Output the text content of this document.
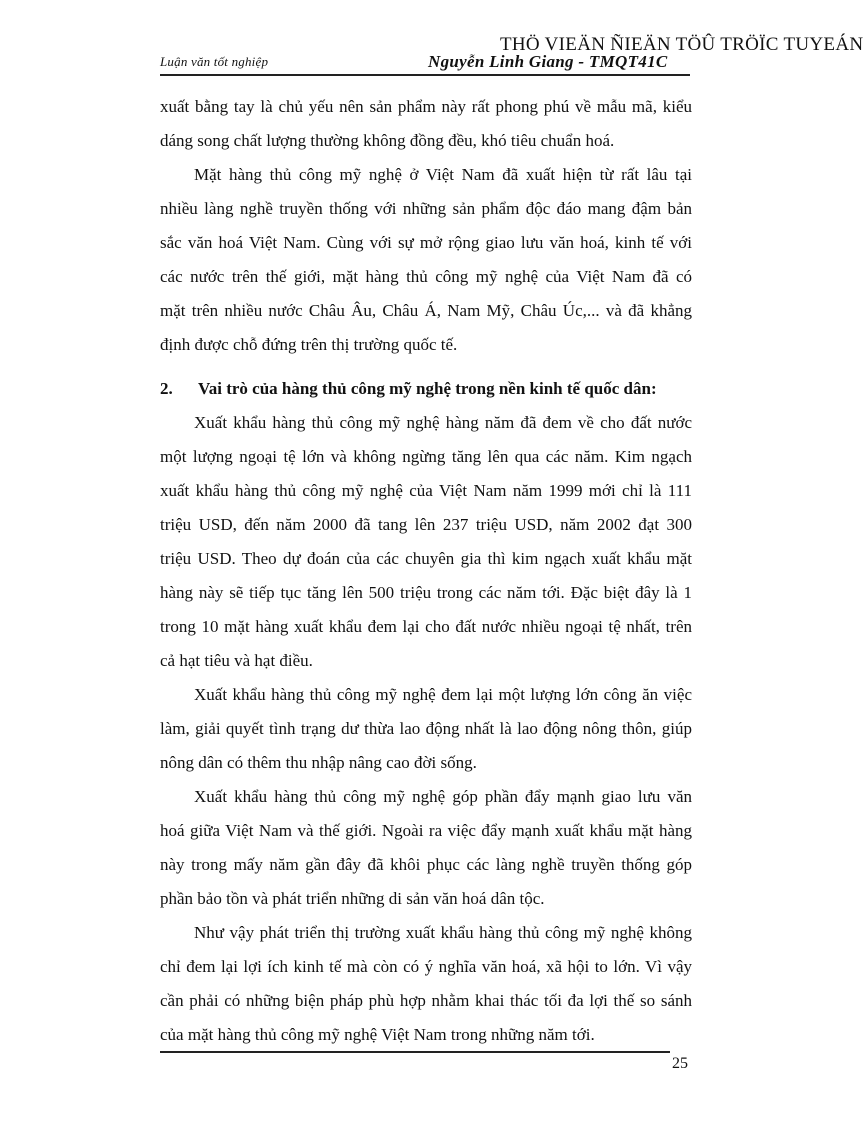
Luận văn tốt nghiệp	Nguyễn Linh Giang - TMQT41C
THÖ VIEÄN ÑIEÄN TÖÛ TRÖÏC TUYEÁN
xuất bằng tay là chủ yếu nên sản phẩm này rất phong phú về mẫu mã, kiểu
dáng song chất lượng thường không đồng đều, khó tiêu chuẩn hoá.
Mặt hàng thủ công mỹ nghệ ở Việt Nam đã xuất hiện từ rất lâu tại
nhiều làng nghề truyền thống với những sản phẩm độc đáo mang đậm bản
sắc văn hoá Việt Nam. Cùng với sự mở rộng giao lưu văn hoá, kinh tế với
các nước trên thế giới, mặt hàng thủ công mỹ nghệ của Việt Nam đã có
mặt trên nhiều nước Châu Âu, Châu Á, Nam Mỹ, Châu Úc,... và đã khẳng
định được chỗ đứng trên thị trường quốc tế.
2.	Vai trò của hàng thủ công mỹ nghệ trong nền kinh tế quốc dân:
Xuất khẩu hàng thủ công mỹ nghệ hàng năm đã đem về cho đất nước
một lượng ngoại tệ lớn và không ngừng tăng lên qua các năm. Kim ngạch
xuất khẩu hàng thủ công mỹ nghệ của Việt Nam năm 1999 mới chỉ là 111
triệu USD, đến năm 2000 đã tang lên 237 triệu USD, năm 2002 đạt 300
triệu USD. Theo dự đoán của các chuyên gia thì kim ngạch xuất khẩu mặt
hàng này sẽ tiếp tục tăng lên 500 triệu trong các năm tới. Đặc biệt đây là 1
trong 10 mặt hàng xuất khẩu đem lại cho đất nước nhiều ngoại tệ nhất, trên
cả hạt tiêu và hạt điều.
Xuất khẩu hàng thủ công mỹ nghệ đem lại một lượng lớn công ăn việc
làm, giải quyết tình trạng dư thừa lao động nhất là lao động nông thôn, giúp
nông dân có thêm thu nhập nâng cao đời sống.
Xuất khẩu hàng thủ công mỹ nghệ góp phần đẩy mạnh giao lưu văn
hoá giữa Việt Nam và thế giới. Ngoài ra việc đẩy mạnh xuất khẩu mặt hàng
này trong mấy năm gần đây đã khôi phục các làng nghề truyền thống góp
phần bảo tồn và phát triển những di sản văn hoá dân tộc.
Như vậy phát triển thị trường xuất khẩu hàng thủ công mỹ nghệ không
chỉ đem lại lợi ích kinh tế mà còn có ý nghĩa văn hoá, xã hội to lớn. Vì vậy
cần phải có những biện pháp phù hợp nhằm khai thác tối đa lợi thế so sánh
của mặt hàng thủ công mỹ nghệ Việt Nam trong những năm tới.
25
